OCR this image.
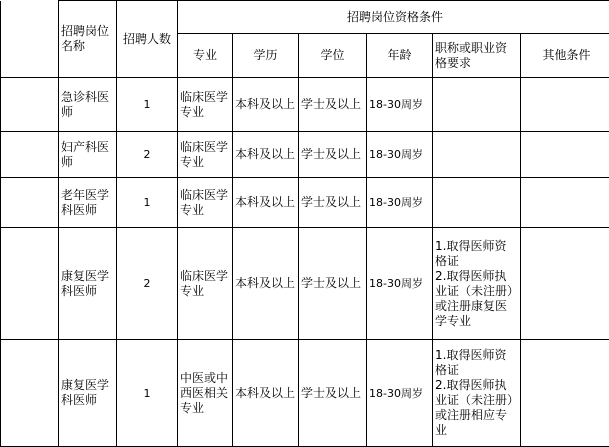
	招聘岗位名称	招聘人数	招聘岗位资格条件					
			专业	学历	学位	年龄	职称或职业资格要求	其他条件
	急诊科医师	1	临床医学专业	本科及以上	学士及以上	18-30周岁		
	妇产科医师	2	临床医学专业	本科及以上	学士及以上	18-30周岁		
	老年医学科医师	1	临床医学专业	本科及以上	学士及以上	18-30周岁		
	康复医学科医师	2	临床医学专业	本科及以上	学士及以上	18-30周岁	1.取得医师资格证
2.取得医师执业证（未注册）或注册康复医学专业	

	康复医学科医师	1	中医或中西医相关专业	本科及以上	学士及以上	18-30周岁	1.取得医师资格证
2.取得医师执业证（未注册）或注册相应专业	
